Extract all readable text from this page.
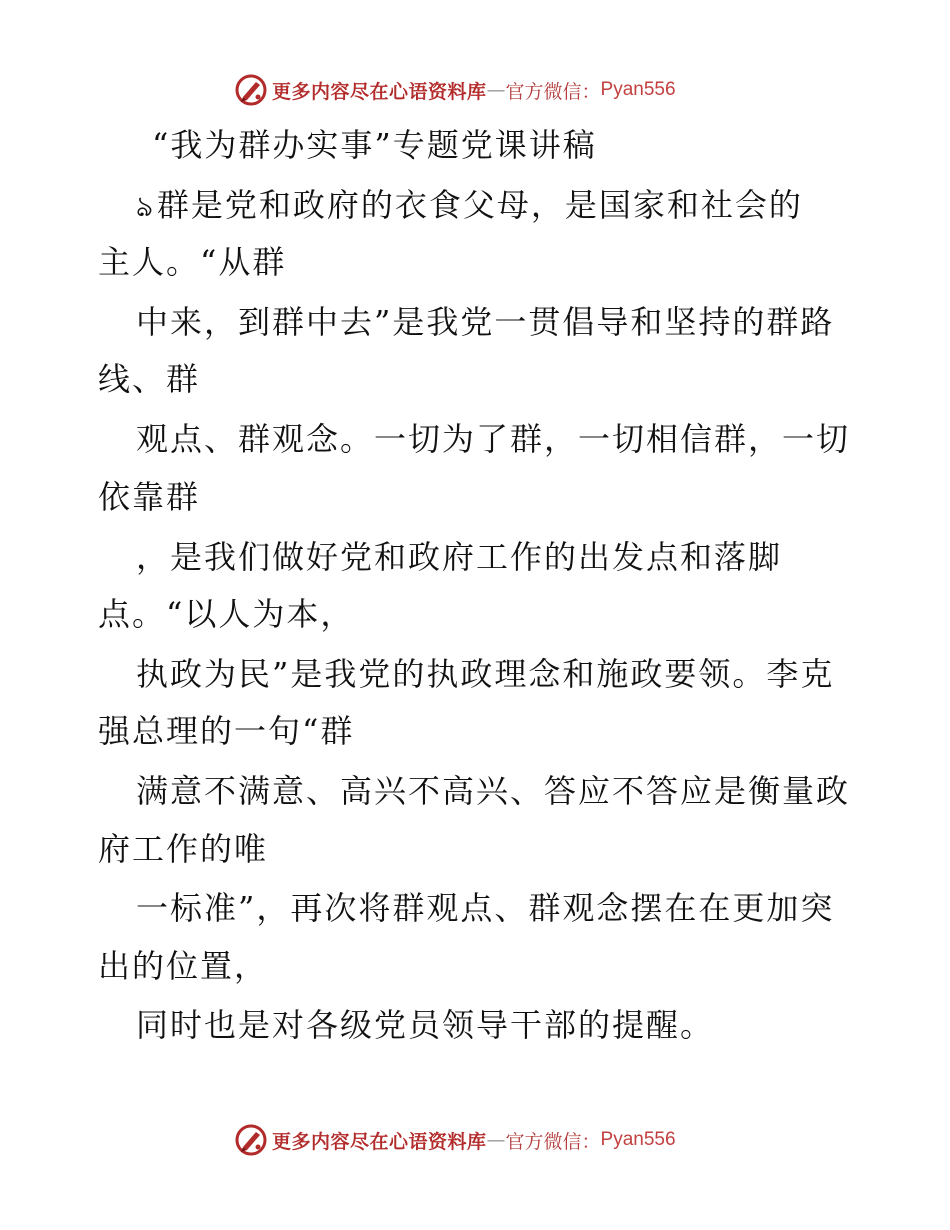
更多内容尽在心语资料库 — 官方微信： Pyan556
“我为群办实事”专题党课讲稿
ঌ群是党和政府的衣食父母，是国家和社会的
主人。“从群
中来，到群中去”是我党一贯倡导和坚持的群路
线、群
观点、群观念。一切为了群，一切相信群，一切
依靠群
，是我们做好党和政府工作的出发点和落脚
点。“以人为本，
执政为民”是我党的执政理念和施政要领。李克
强总理的一句“群
满意不满意、高兴不高兴、答应不答应是衡量政
府工作的唯
一标准”，再次将群观点、群观念摆在在更加突
出的位置，
同时也是对各级党员领导干部的提醒。
更多内容尽在心语资料库 — 官方微信： Pyan556
